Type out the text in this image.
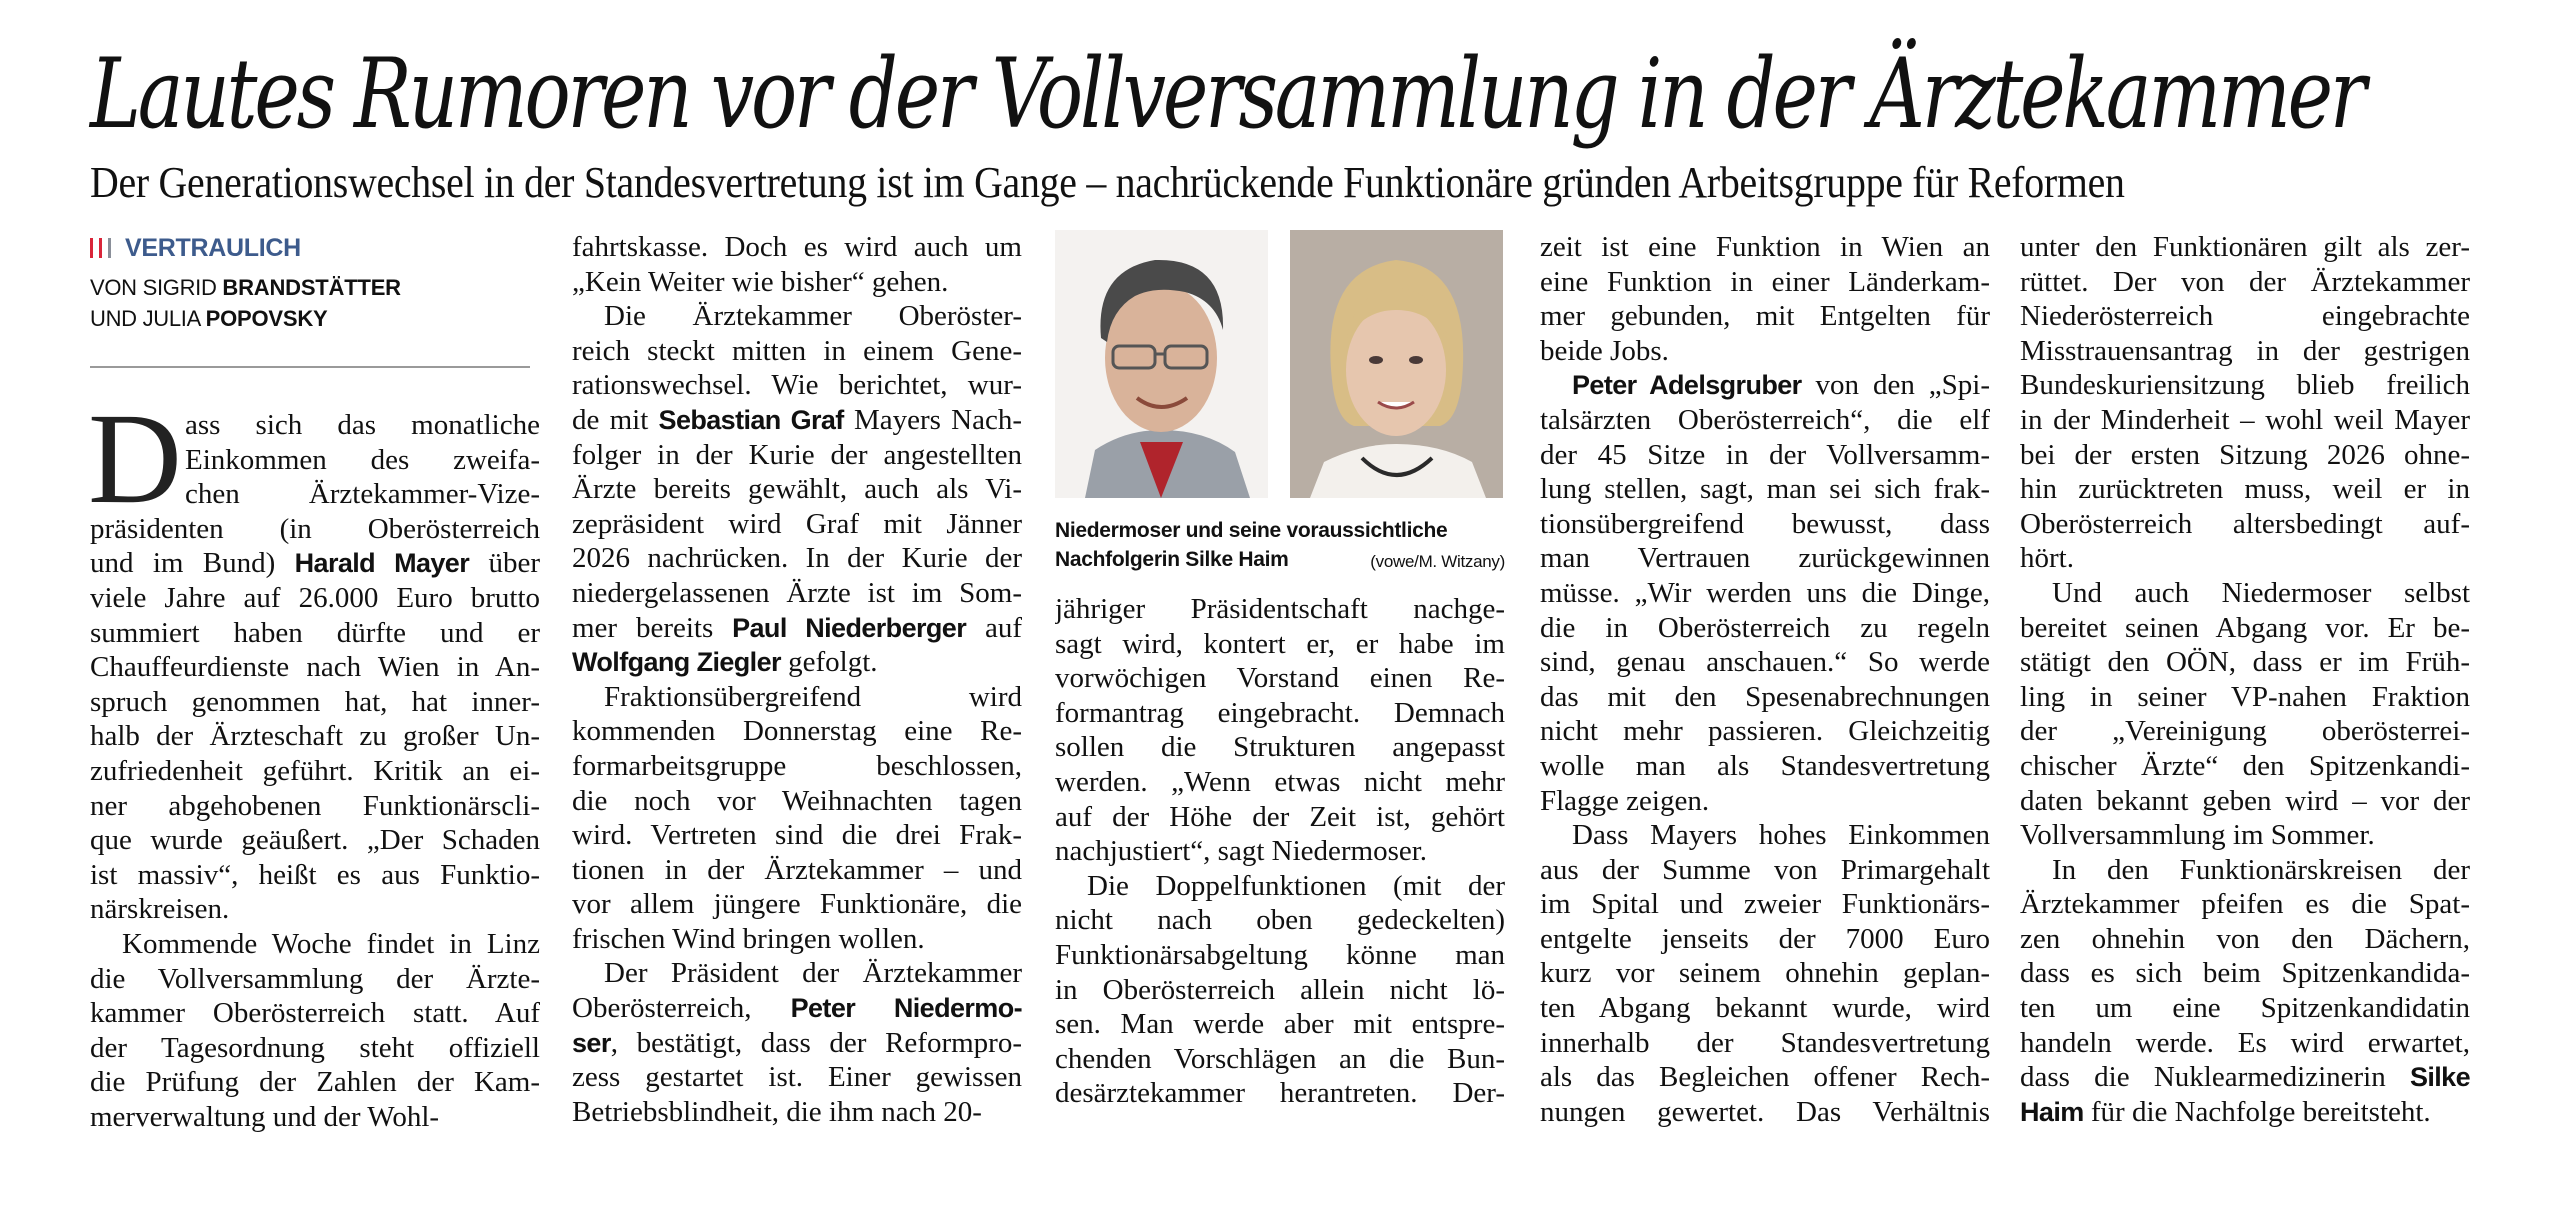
Lautes Rumoren vor der Vollversammlung in der Ärztekammer
Der Generationswechsel in der Standesvertretung ist im Gange – nachrückende Funktionäre gründen Arbeitsgruppe für Reformen
VERTRAULICH
VON SIGRID BRANDSTÄTTER
UND JULIA POPOVSKY
D ass sich das monatliche
Einkommen des zweifa-
chen Ärztekammer-Vize-
präsidenten (in Oberösterreich
und im Bund) Harald Mayer über
viele Jahre auf 26.000 Euro brutto
summiert haben dürfte und er
Chauffeurdienste nach Wien in An-
spruch genommen hat, hat inner-
halb der Ärzteschaft zu großer Un-
zufriedenheit geführt. Kritik an ei-
ner abgehobenen Funktionärscli-
que wurde geäußert. „Der Schaden
ist massiv“, heißt es aus Funktio-
närskreisen.
Kommende Woche findet in Linz
die Vollversammlung der Ärzte-
kammer Oberösterreich statt. Auf
der Tagesordnung steht offiziell
die Prüfung der Zahlen der Kam-
merverwaltung und der Wohl-
fahrtskasse. Doch es wird auch um
„Kein Weiter wie bisher“ gehen.
Die Ärztekammer Oberöster-
reich steckt mitten in einem Gene-
rationswechsel. Wie berichtet, wur-
de mit Sebastian Graf Mayers Nach-
folger in der Kurie der angestellten
Ärzte bereits gewählt, auch als Vi-
zepräsident wird Graf mit Jänner
2026 nachrücken. In der Kurie der
niedergelassenen Ärzte ist im Som-
mer bereits Paul Niederberger auf
Wolfgang Ziegler gefolgt.
Fraktionsübergreifend wird
kommenden Donnerstag eine Re-
formarbeitsgruppe beschlossen,
die noch vor Weihnachten tagen
wird. Vertreten sind die drei Frak-
tionen in der Ärztekammer – und
vor allem jüngere Funktionäre, die
frischen Wind bringen wollen.
Der Präsident der Ärztekammer
Oberösterreich, Peter Niedermo-
ser, bestätigt, dass der Reformpro-
zess gestartet ist. Einer gewissen
Betriebsblindheit, die ihm nach 20-
Niedermoser und seine voraussichtliche
Nachfolgerin Silke Haim	(vowe/M. Witzany)
jähriger Präsidentschaft nachge-
sagt wird, kontert er, er habe im
vorwöchigen Vorstand einen Re-
formantrag eingebracht. Demnach
sollen die Strukturen angepasst
werden. „Wenn etwas nicht mehr
auf der Höhe der Zeit ist, gehört
nachjustiert“, sagt Niedermoser.
Die Doppelfunktionen (mit der
nicht nach oben gedeckelten)
Funktionärsabgeltung könne man
in Oberösterreich allein nicht lö-
sen. Man werde aber mit entspre-
chenden Vorschlägen an die Bun-
desärztekammer herantreten. Der-
zeit ist eine Funktion in Wien an
eine Funktion in einer Länderkam-
mer gebunden, mit Entgelten für
beide Jobs.
Peter Adelsgruber von den „Spi-
talsärzten Oberösterreich“, die elf
der 45 Sitze in der Vollversamm-
lung stellen, sagt, man sei sich frak-
tionsübergreifend bewusst, dass
man Vertrauen zurückgewinnen
müsse. „Wir werden uns die Dinge,
die in Oberösterreich zu regeln
sind, genau anschauen.“ So werde
das mit den Spesenabrechnungen
nicht mehr passieren. Gleichzeitig
wolle man als Standesvertretung
Flagge zeigen.
Dass Mayers hohes Einkommen
aus der Summe von Primargehalt
im Spital und zweier Funktionärs-
entgelte jenseits der 7000 Euro
kurz vor seinem ohnehin geplan-
ten Abgang bekannt wurde, wird
innerhalb der Standesvertretung
als das Begleichen offener Rech-
nungen gewertet. Das Verhältnis
unter den Funktionären gilt als zer-
rüttet. Der von der Ärztekammer
Niederösterreich eingebrachte
Misstrauensantrag in der gestrigen
Bundeskuriensitzung blieb freilich
in der Minderheit – wohl weil Mayer
bei der ersten Sitzung 2026 ohne-
hin zurücktreten muss, weil er in
Oberösterreich altersbedingt auf-
hört.
Und auch Niedermoser selbst
bereitet seinen Abgang vor. Er be-
stätigt den OÖN, dass er im Früh-
ling in seiner VP-nahen Fraktion
der „Vereinigung oberösterrei-
chischer Ärzte“ den Spitzenkandi-
daten bekannt geben wird – vor der
Vollversammlung im Sommer.
In den Funktionärskreisen der
Ärztekammer pfeifen es die Spat-
zen ohnehin von den Dächern,
dass es sich beim Spitzenkandida-
ten um eine Spitzenkandidatin
handeln werde. Es wird erwartet,
dass die Nuklearmedizinerin Silke
Haim für die Nachfolge bereitsteht.
